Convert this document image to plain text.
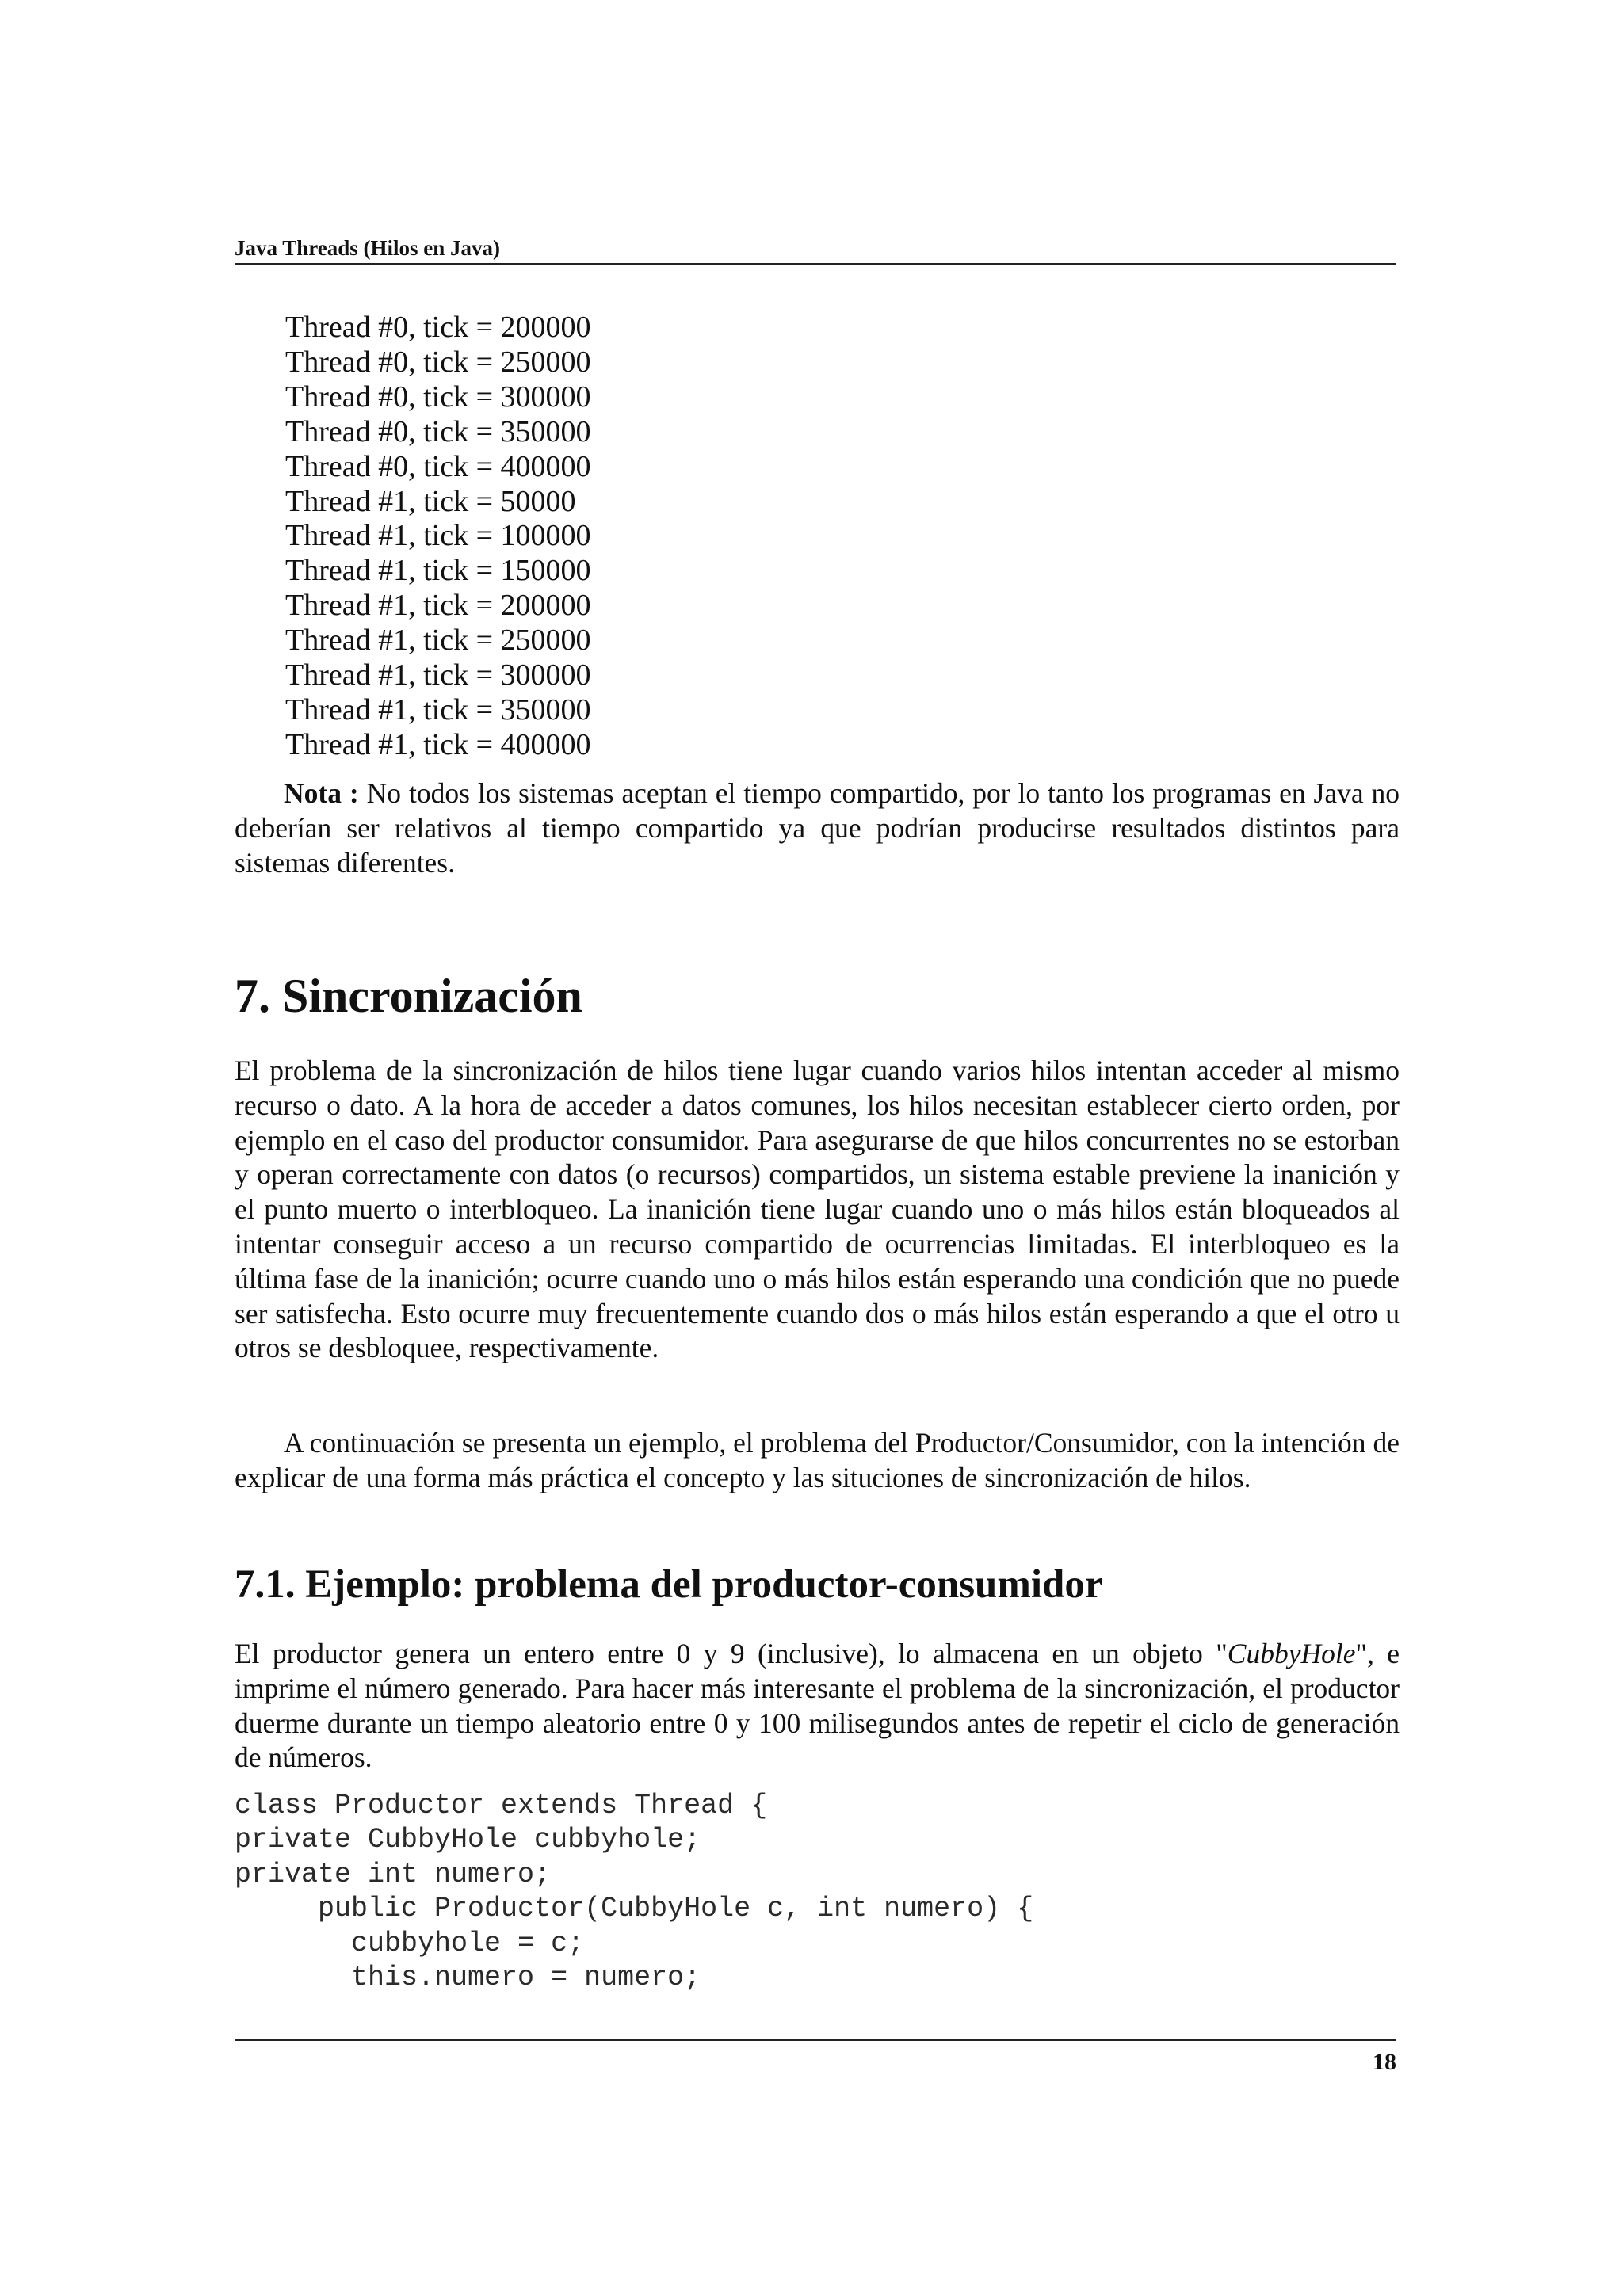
Java Threads (Hilos en Java)
Thread #0, tick = 200000
Thread #0, tick = 250000
Thread #0, tick = 300000
Thread #0, tick = 350000
Thread #0, tick = 400000
Thread #1, tick = 50000
Thread #1, tick = 100000
Thread #1, tick = 150000
Thread #1, tick = 200000
Thread #1, tick = 250000
Thread #1, tick = 300000
Thread #1, tick = 350000
Thread #1, tick = 400000

Nota : No todos los sistemas aceptan el tiempo compartido, por lo tanto los programas en Java no deberían ser relativos al tiempo compartido ya que podrían producirse resultados distintos para sistemas diferentes.

7. Sincronización

El problema de la sincronización de hilos tiene lugar cuando varios hilos intentan acceder al mismo recurso o dato. A la hora de acceder a datos comunes, los hilos necesitan establecer cierto orden, por ejemplo en el caso del productor consumidor. Para asegurarse de que hilos concurrentes no se estorban y operan correctamente con datos (o recursos) compartidos, un sistema estable previene la inanición y el punto muerto o interbloqueo. La inanición tiene lugar cuando uno o más hilos están bloqueados al intentar conseguir acceso a un recurso compartido de ocurrencias limitadas. El interbloqueo es la última fase de la inanición; ocurre cuando uno o más hilos están esperando una condición que no puede ser satisfecha. Esto ocurre muy frecuentemente cuando dos o más hilos están esperando a que el otro u otros se desbloquee, respectivamente.

A continuación se presenta un ejemplo, el problema del Productor/Consumidor, con la intención de explicar de una forma más práctica el concepto y las situciones de sincronización de hilos.

7.1. Ejemplo: problema del productor-consumidor

El productor genera un entero entre 0 y 9 (inclusive), lo almacena en un objeto "CubbyHole", e imprime el número generado. Para hacer más interesante el problema de la sincronización, el productor duerme durante un tiempo aleatorio entre 0 y 100 milisegundos antes de repetir el ciclo de generación de números.

class Productor extends Thread {
private CubbyHole cubbyhole;
private int numero;
public Productor(CubbyHole c, int numero) {
cubbyhole = c;
this.numero = numero;
18
